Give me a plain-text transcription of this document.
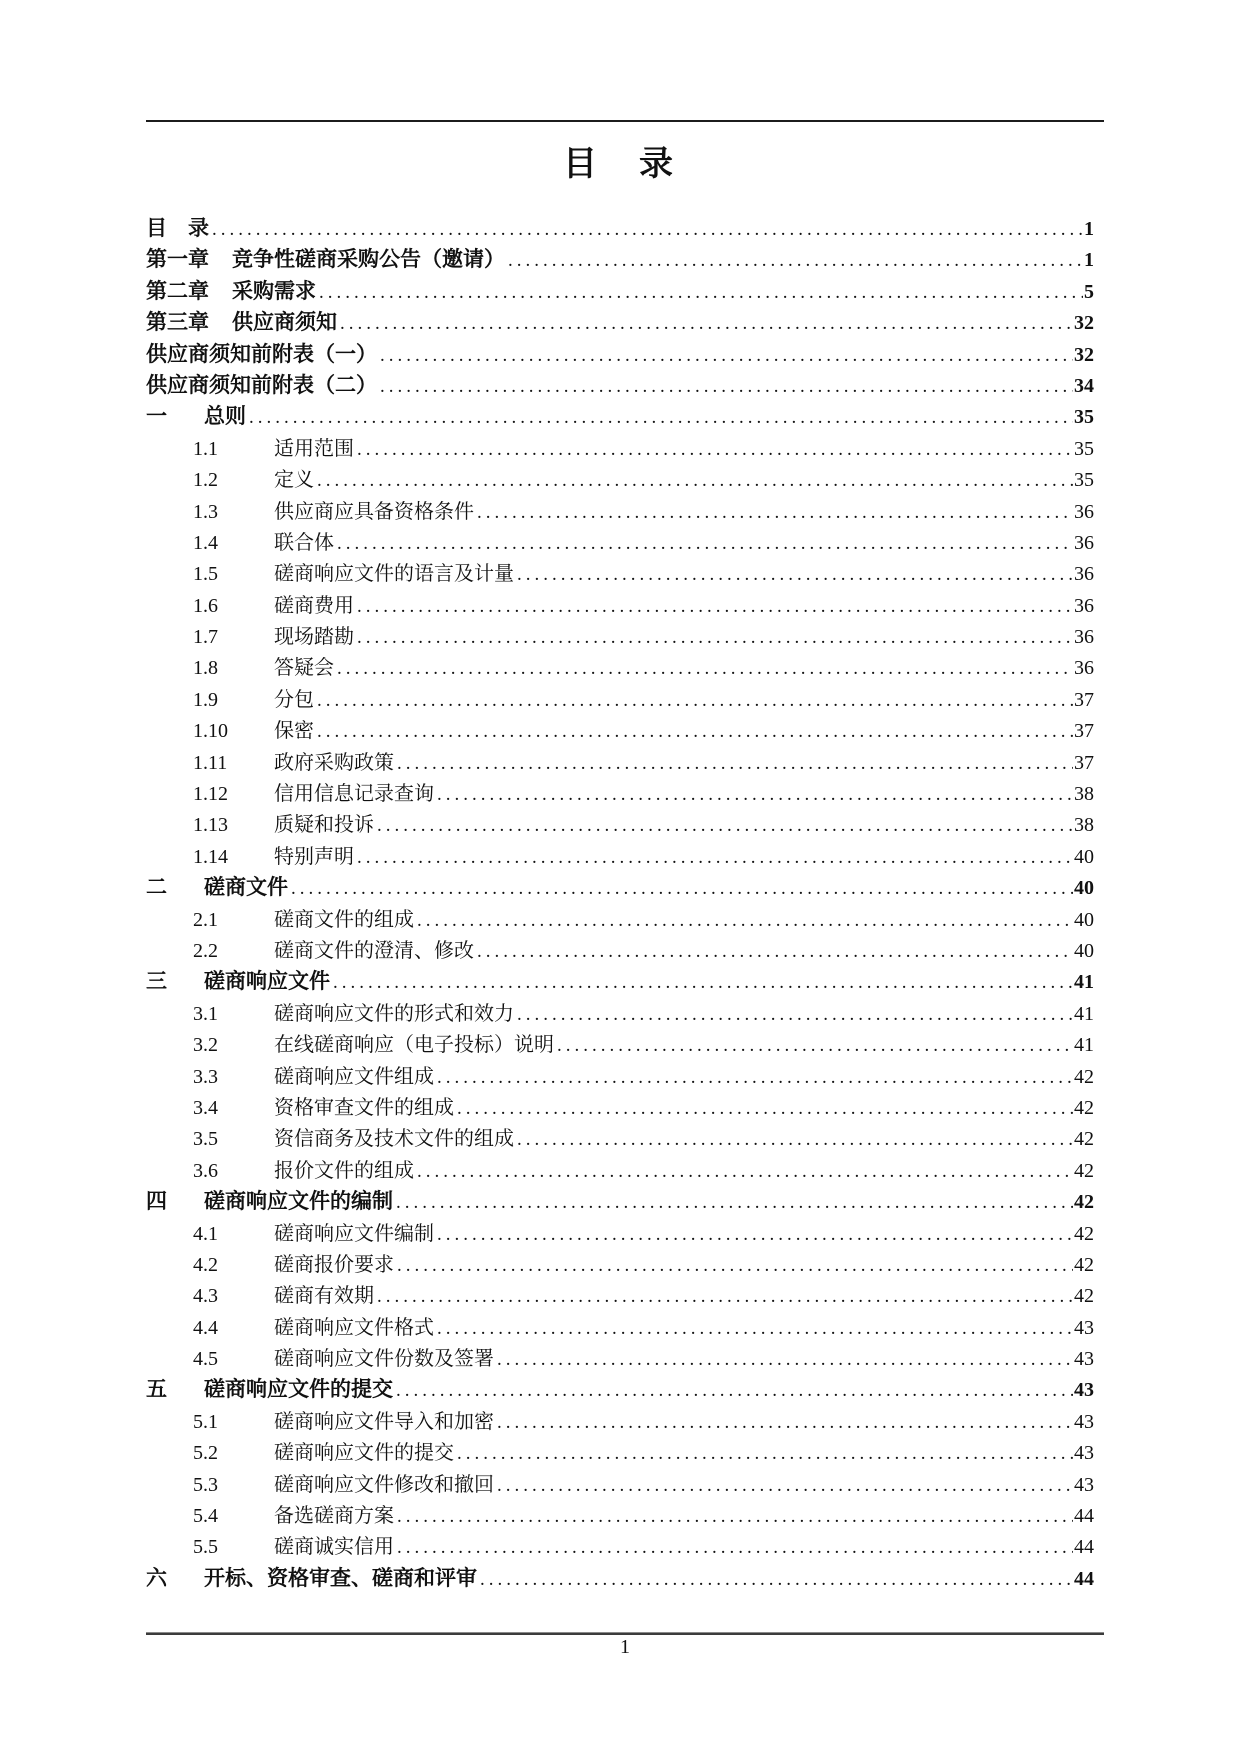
目　录
目　录 .....	1
第一章	竞争性磋商采购公告（邀请） .....	1
第二章	采购需求 .....	5
第三章	供应商须知 .....	32
供应商须知前附表（一） .....	32
供应商须知前附表（二） .....	34
一	总则 .....	35
1.1	适用范围 .....	35
1.2	定义 .....	35
1.3	供应商应具备资格条件 .....	36
1.4	联合体 .....	36
1.5	磋商响应文件的语言及计量 .....	36
1.6	磋商费用 .....	36
1.7	现场踏勘 .....	36
1.8	答疑会 .....	36
1.9	分包 .....	37
1.10	保密 .....	37
1.11	政府采购政策 .....	37
1.12	信用信息记录查询 .....	38
1.13	质疑和投诉 .....	38
1.14	特别声明 .....	40
二	磋商文件 .....	40
2.1	磋商文件的组成 .....	40
2.2	磋商文件的澄清、修改 .....	40
三	磋商响应文件 .....	41
3.1	磋商响应文件的形式和效力 .....	41
3.2	在线磋商响应（电子投标）说明 .....	41
3.3	磋商响应文件组成 .....	42
3.4	资格审查文件的组成 .....	42
3.5	资信商务及技术文件的组成 .....	42
3.6	报价文件的组成 .....	42
四	磋商响应文件的编制 .....	42
4.1	磋商响应文件编制 .....	42
4.2	磋商报价要求 .....	42
4.3	磋商有效期 .....	42
4.4	磋商响应文件格式 .....	43
4.5	磋商响应文件份数及签署 .....	43
五	磋商响应文件的提交 .....	43
5.1	磋商响应文件导入和加密 .....	43
5.2	磋商响应文件的提交 .....	43
5.3	磋商响应文件修改和撤回 .....	43
5.4	备选磋商方案 .....	44
5.5	磋商诚实信用 .....	44
六	开标、资格审查、磋商和评审 .....	44
1
